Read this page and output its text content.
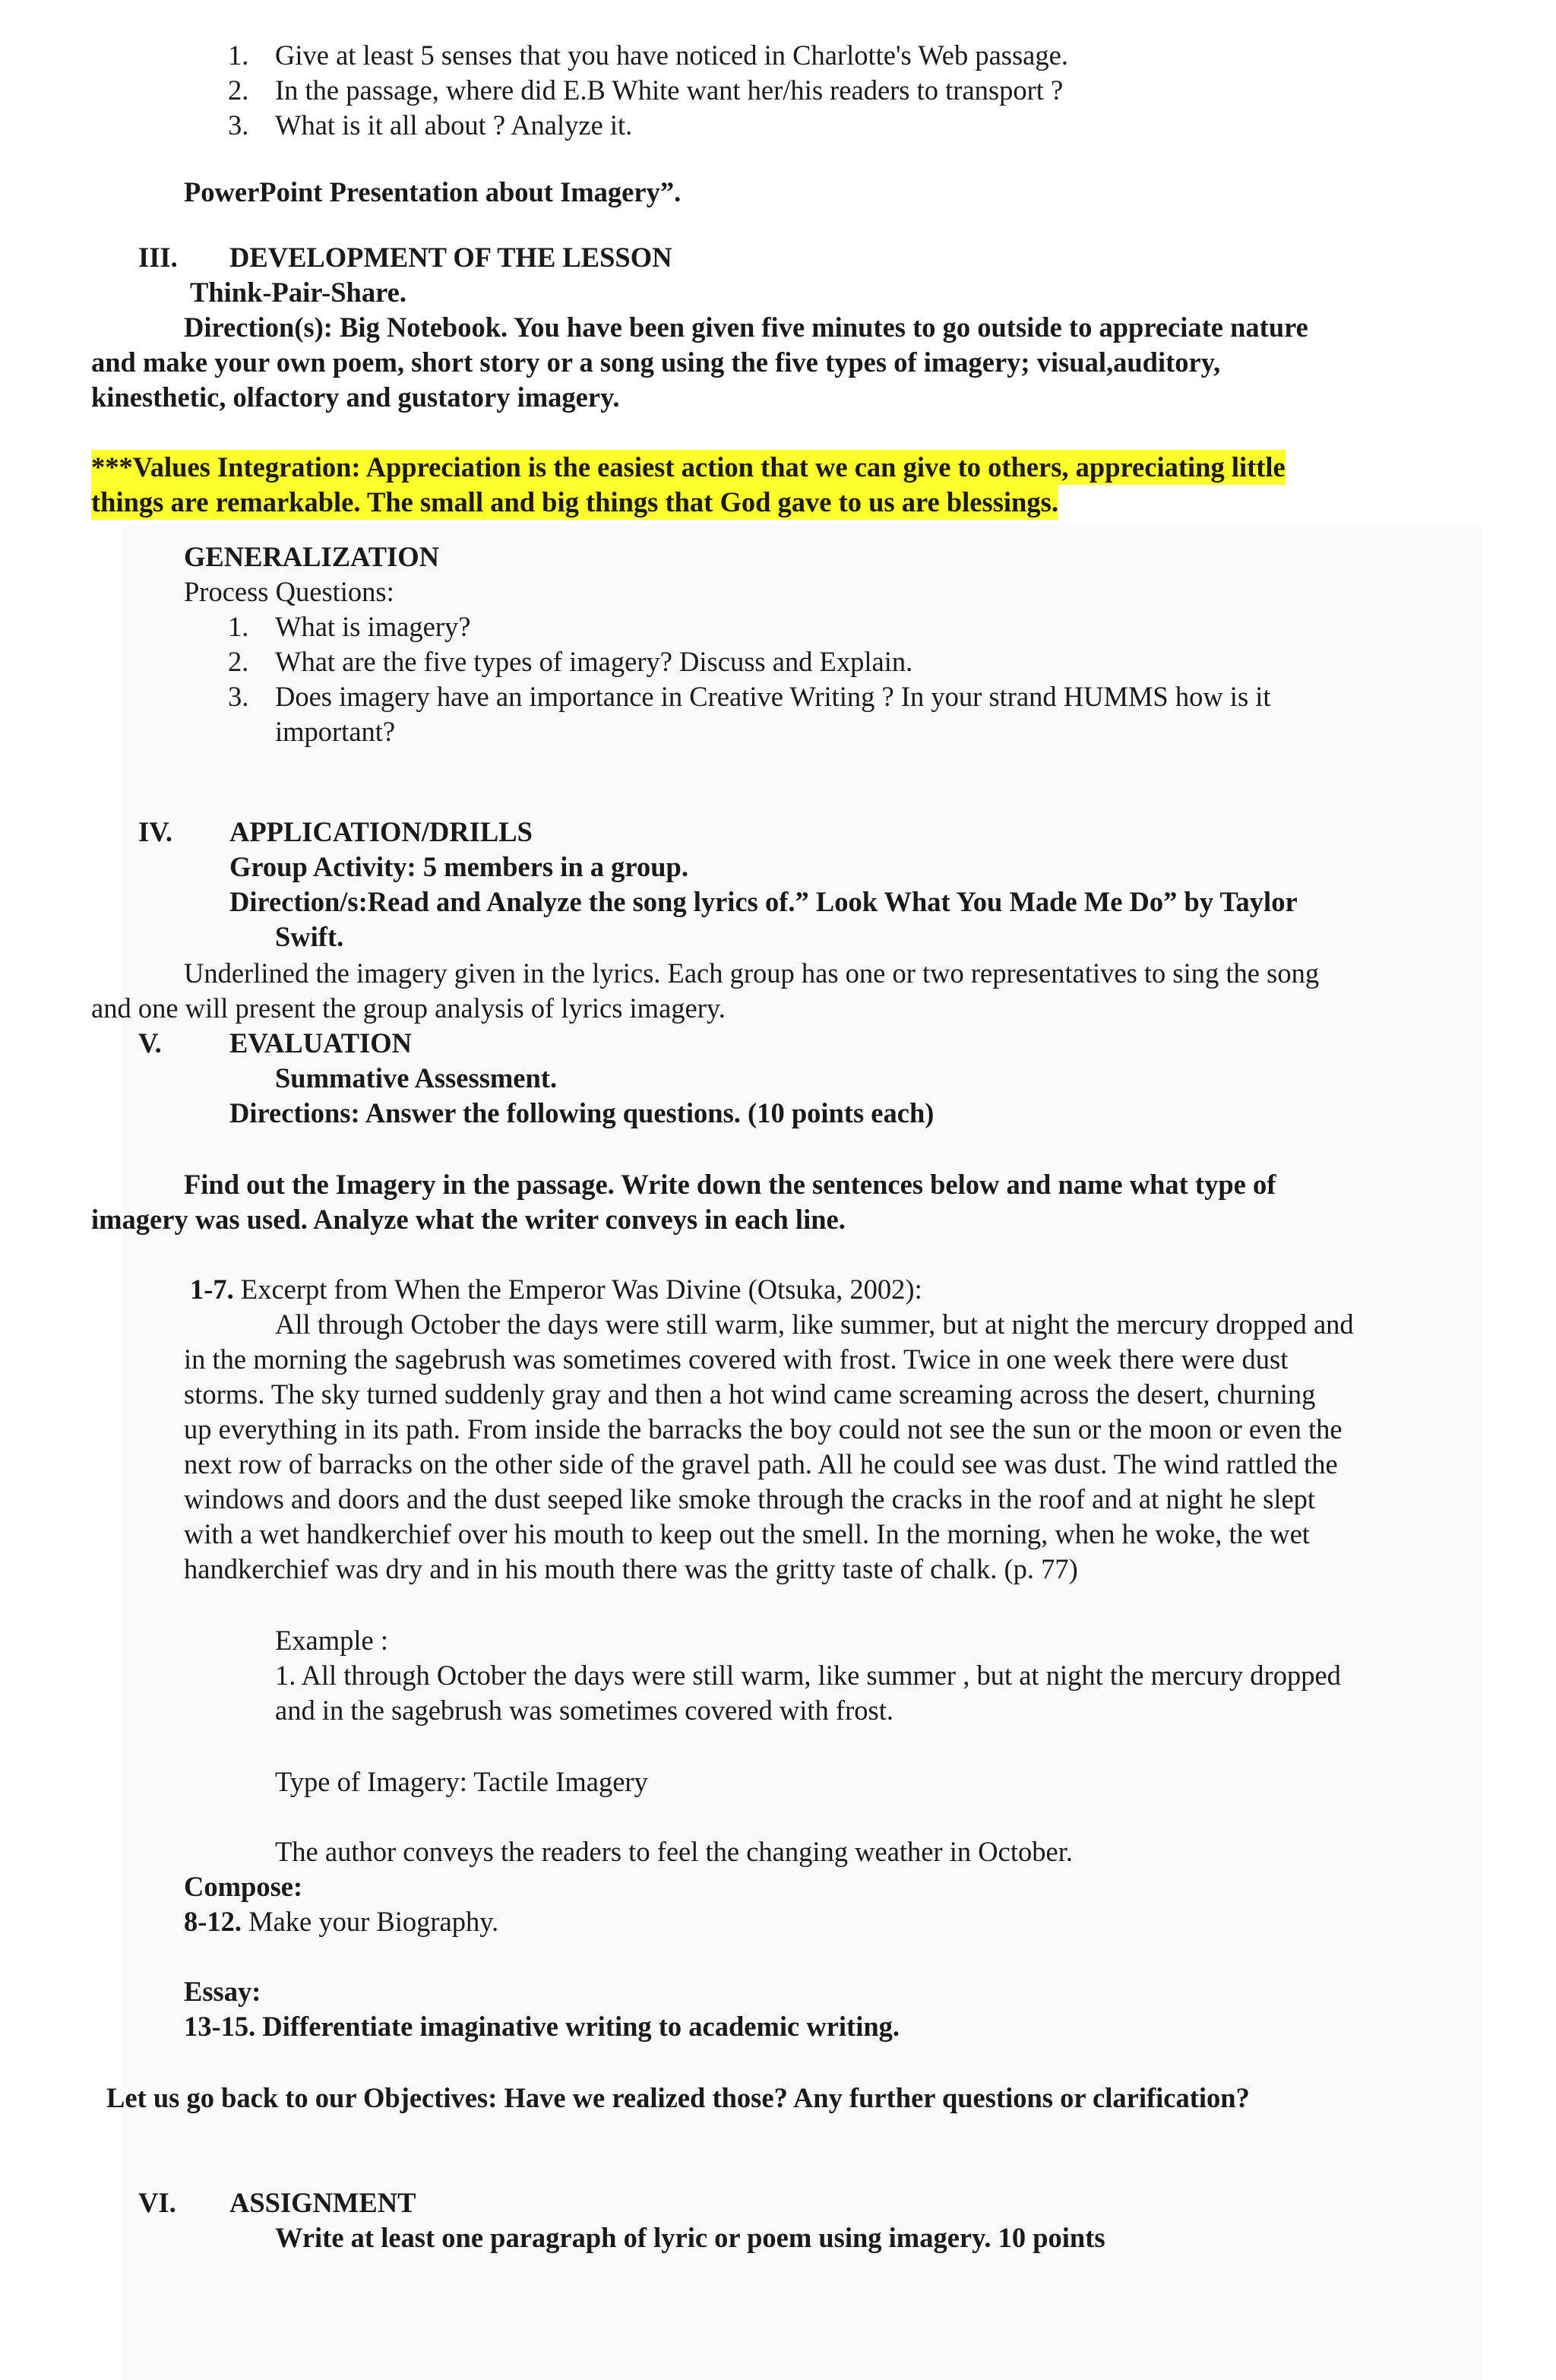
1. Give at least 5 senses that you have noticed in Charlotte's Web passage.
2. In the passage, where did E.B White want her/his readers to transport ?
3. What is it all about ? Analyze it.
PowerPoint Presentation about Imagery”.
III. DEVELOPMENT OF THE LESSON
Think-Pair-Share.
Direction(s): Big Notebook. You have been given five minutes to go outside to appreciate nature
and make your own poem, short story or a song using the five types of imagery; visual,auditory,
kinesthetic, olfactory and gustatory imagery.
***Values Integration: Appreciation is the easiest action that we can give to others, appreciating little
things are remarkable. The small and big things that God gave to us are blessings.
GENERALIZATION
Process Questions:
1. What is imagery?
2. What are the five types of imagery? Discuss and Explain.
3. Does imagery have an importance in Creative Writing ? In your strand HUMMS how is it
important?
IV. APPLICATION/DRILLS
Group Activity: 5 members in a group.
Direction/s:Read and Analyze the song lyrics of.” Look What You Made Me Do” by Taylor
Swift.
Underlined the imagery given in the lyrics. Each group has one or two representatives to sing the song
and one will present the group analysis of lyrics imagery.
V. EVALUATION
Summative Assessment.
Directions: Answer the following questions. (10 points each)
Find out the Imagery in the passage. Write down the sentences below and name what type of
imagery was used. Analyze what the writer conveys in each line.
1-7. Excerpt from When the Emperor Was Divine (Otsuka, 2002):
All through October the days were still warm, like summer, but at night the mercury dropped and
in the morning the sagebrush was sometimes covered with frost. Twice in one week there were dust
storms. The sky turned suddenly gray and then a hot wind came screaming across the desert, churning
up everything in its path. From inside the barracks the boy could not see the sun or the moon or even the
next row of barracks on the other side of the gravel path. All he could see was dust. The wind rattled the
windows and doors and the dust seeped like smoke through the cracks in the roof and at night he slept
with a wet handkerchief over his mouth to keep out the smell. In the morning, when he woke, the wet
handkerchief was dry and in his mouth there was the gritty taste of chalk. (p. 77)
Example :
1. All through October the days were still warm, like summer , but at night the mercury dropped
and in the sagebrush was sometimes covered with frost.
Type of Imagery: Tactile Imagery
The author conveys the readers to feel the changing weather in October.
Compose:
8-12. Make your Biography.
Essay:
13-15. Differentiate imaginative writing to academic writing.
Let us go back to our Objectives: Have we realized those? Any further questions or clarification?
VI. ASSIGNMENT
Write at least one paragraph of lyric or poem using imagery. 10 points
